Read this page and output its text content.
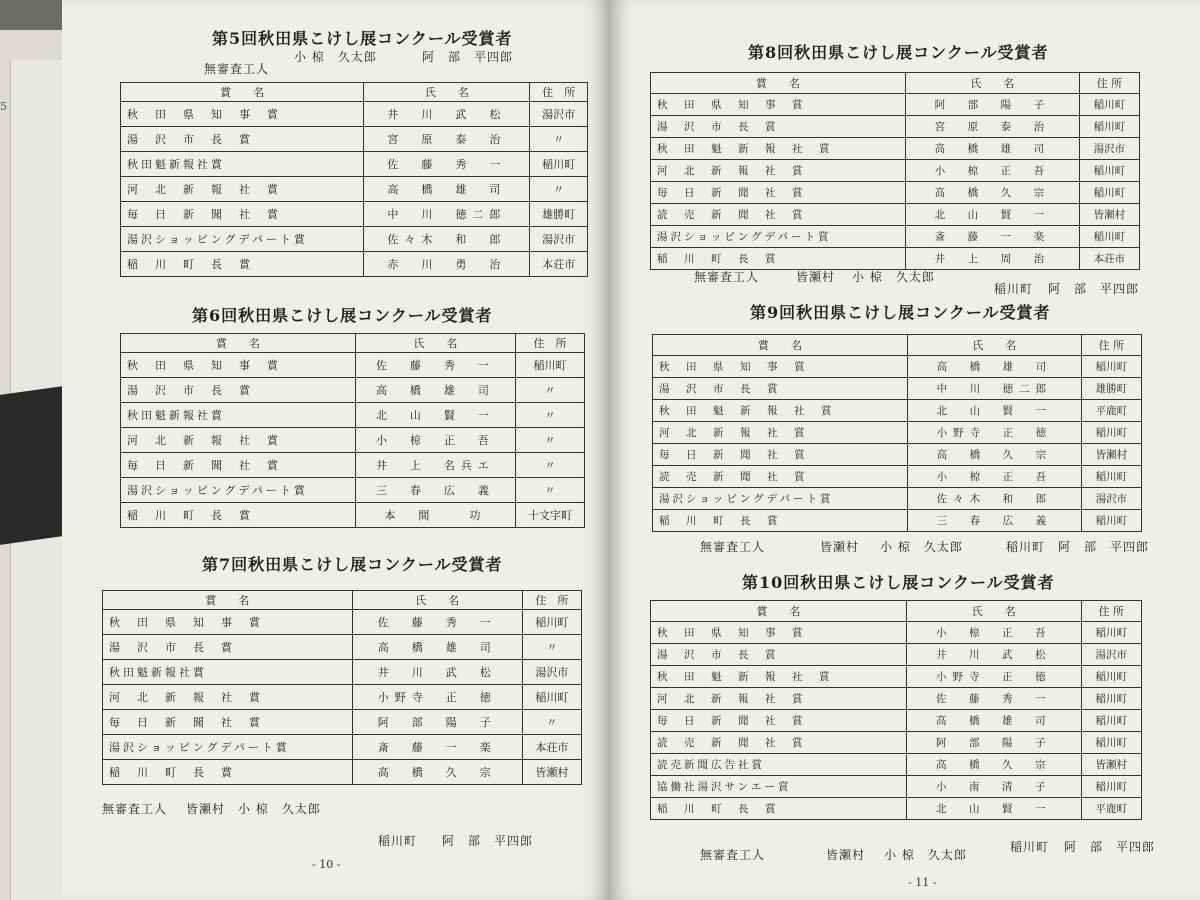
5
第5回秋田県こけし展コンクール受賞者
無審査工人
小 椋　久太郎	阿　部　平四郎
賞　　名	氏　　名	住　所
秋　田　県　知　事　賞	井　川　武　松	湯沢市
湯　沢　市　長　賞	宮　原　泰　治	〃
秋田魁新報社賞	佐　藤　秀　一	稲川町
河　北　新　報　社　賞	高　橋　雄　司	〃
毎　日　新　聞　社　賞	中　川　徳二郎	雄勝町
湯沢ショッピングデパート賞	佐々木　和　郎	湯沢市
稲　川　町　長　賞	赤　川　勇　治	本荘市
第6回秋田県こけし展コンクール受賞者
賞　　名	氏　　名	住　所
秋　田　県　知　事　賞	佐　藤　秀　一	稲川町
湯　沢　市　長　賞	高　橋　雄　司	〃
秋田魁新報社賞	北　山　賢　一	〃
河　北　新　報　社　賞	小　椋　正　吾	〃
毎　日　新　聞　社　賞	井　上　名兵エ	〃
湯沢ショッピングデパート賞	三　春　広　義	〃
稲　川　町　長　賞	本　間　　功	十文字町
第7回秋田県こけし展コンクール受賞者
賞　　名	氏　　名	住　所
秋　田　県　知　事　賞	佐　藤　秀　一	稲川町
湯　沢　市　長　賞	高　橋　雄　司	〃
秋田魁新報社賞	井　川　武　松	湯沢市
河　北　新　報　社　賞	小野寺　正　徳	稲川町
毎　日　新　聞　社　賞	阿　部　陽　子	〃
湯沢ショッピングデパート賞	斎　藤　一　楽	本荘市
稲　川　町　長　賞	高　橋　久　宗	皆瀬村
無審査工人 皆瀬村 小 椋　久太郎
稲川町 阿　部　平四郎
- 10 -
第8回秋田県こけし展コンクール受賞者
賞　　名	氏　　名	住 所
秋　田　県　知　事　賞	阿　部　陽　子	稲川町
湯　沢　市　長　賞	宮　原　泰　治	稲川町
秋　田　魁　新　報　社　賞	高　橋　雄　司	湯沢市
河　北　新　報　社　賞	小　椋　正　吾	稲川町
毎　日　新　聞　社　賞	高　橋　久　宗	稲川町
読　売　新　聞　社　賞	北　山　賢　一	皆瀬村
湯沢ショッピングデパート賞	斎　藤　一　楽	稲川町
稲　川　町　長　賞	井　上　周　治	本荘市
無審査工人	皆瀬村 小 椋　久太郎
稲川町 阿　部　平四郎
第9回秋田県こけし展コンクール受賞者
賞　　名	氏　　名	住 所
秋　田　県　知　事　賞	高　橋　雄　司	稲川町
湯　沢　市　長　賞	中　川　徳二郎	雄勝町
秋　田　魁　新　報　社　賞	北　山　賢　一	平鹿町
河　北　新　報　社　賞	小野寺　正　徳	稲川町
毎　日　新　聞　社　賞	高　橋　久　宗	皆瀬村
読　売　新　聞　社　賞	小　椋　正　吾	稲川町
湯沢ショッピングデパート賞	佐々木　和　郎	湯沢市
稲　川　町　長　賞	三　春　広　義	稲川町
無審査工人	皆瀬村 小 椋　久太郎	稲川町 阿　部　平四郎
第10回秋田県こけし展コンクール受賞者
賞　　名	氏　　名	住 所
秋　田　県　知　事　賞	小　椋　正　吾	稲川町
湯　沢　市　長　賞	井　川　武　松	湯沢市
秋　田　魁　新　報　社　賞	小野寺　正　徳	稲川町
河　北　新　報　社　賞	佐　藤　秀　一	稲川町
毎　日　新　聞　社　賞	高　橋　雄　司	稲川町
読　売　新　聞　社　賞	阿　部　陽　子	稲川町
読売新聞広告社賞	高　橋　久　宗	皆瀬村
協働社湯沢サンエー賞	小　南　清　子	稲川町
稲　川　町　長　賞	北　山　賢　一	平鹿町
無審査工人	皆瀬村 小 椋　久太郎
稲川町 阿　部　平四郎
- 11 -
